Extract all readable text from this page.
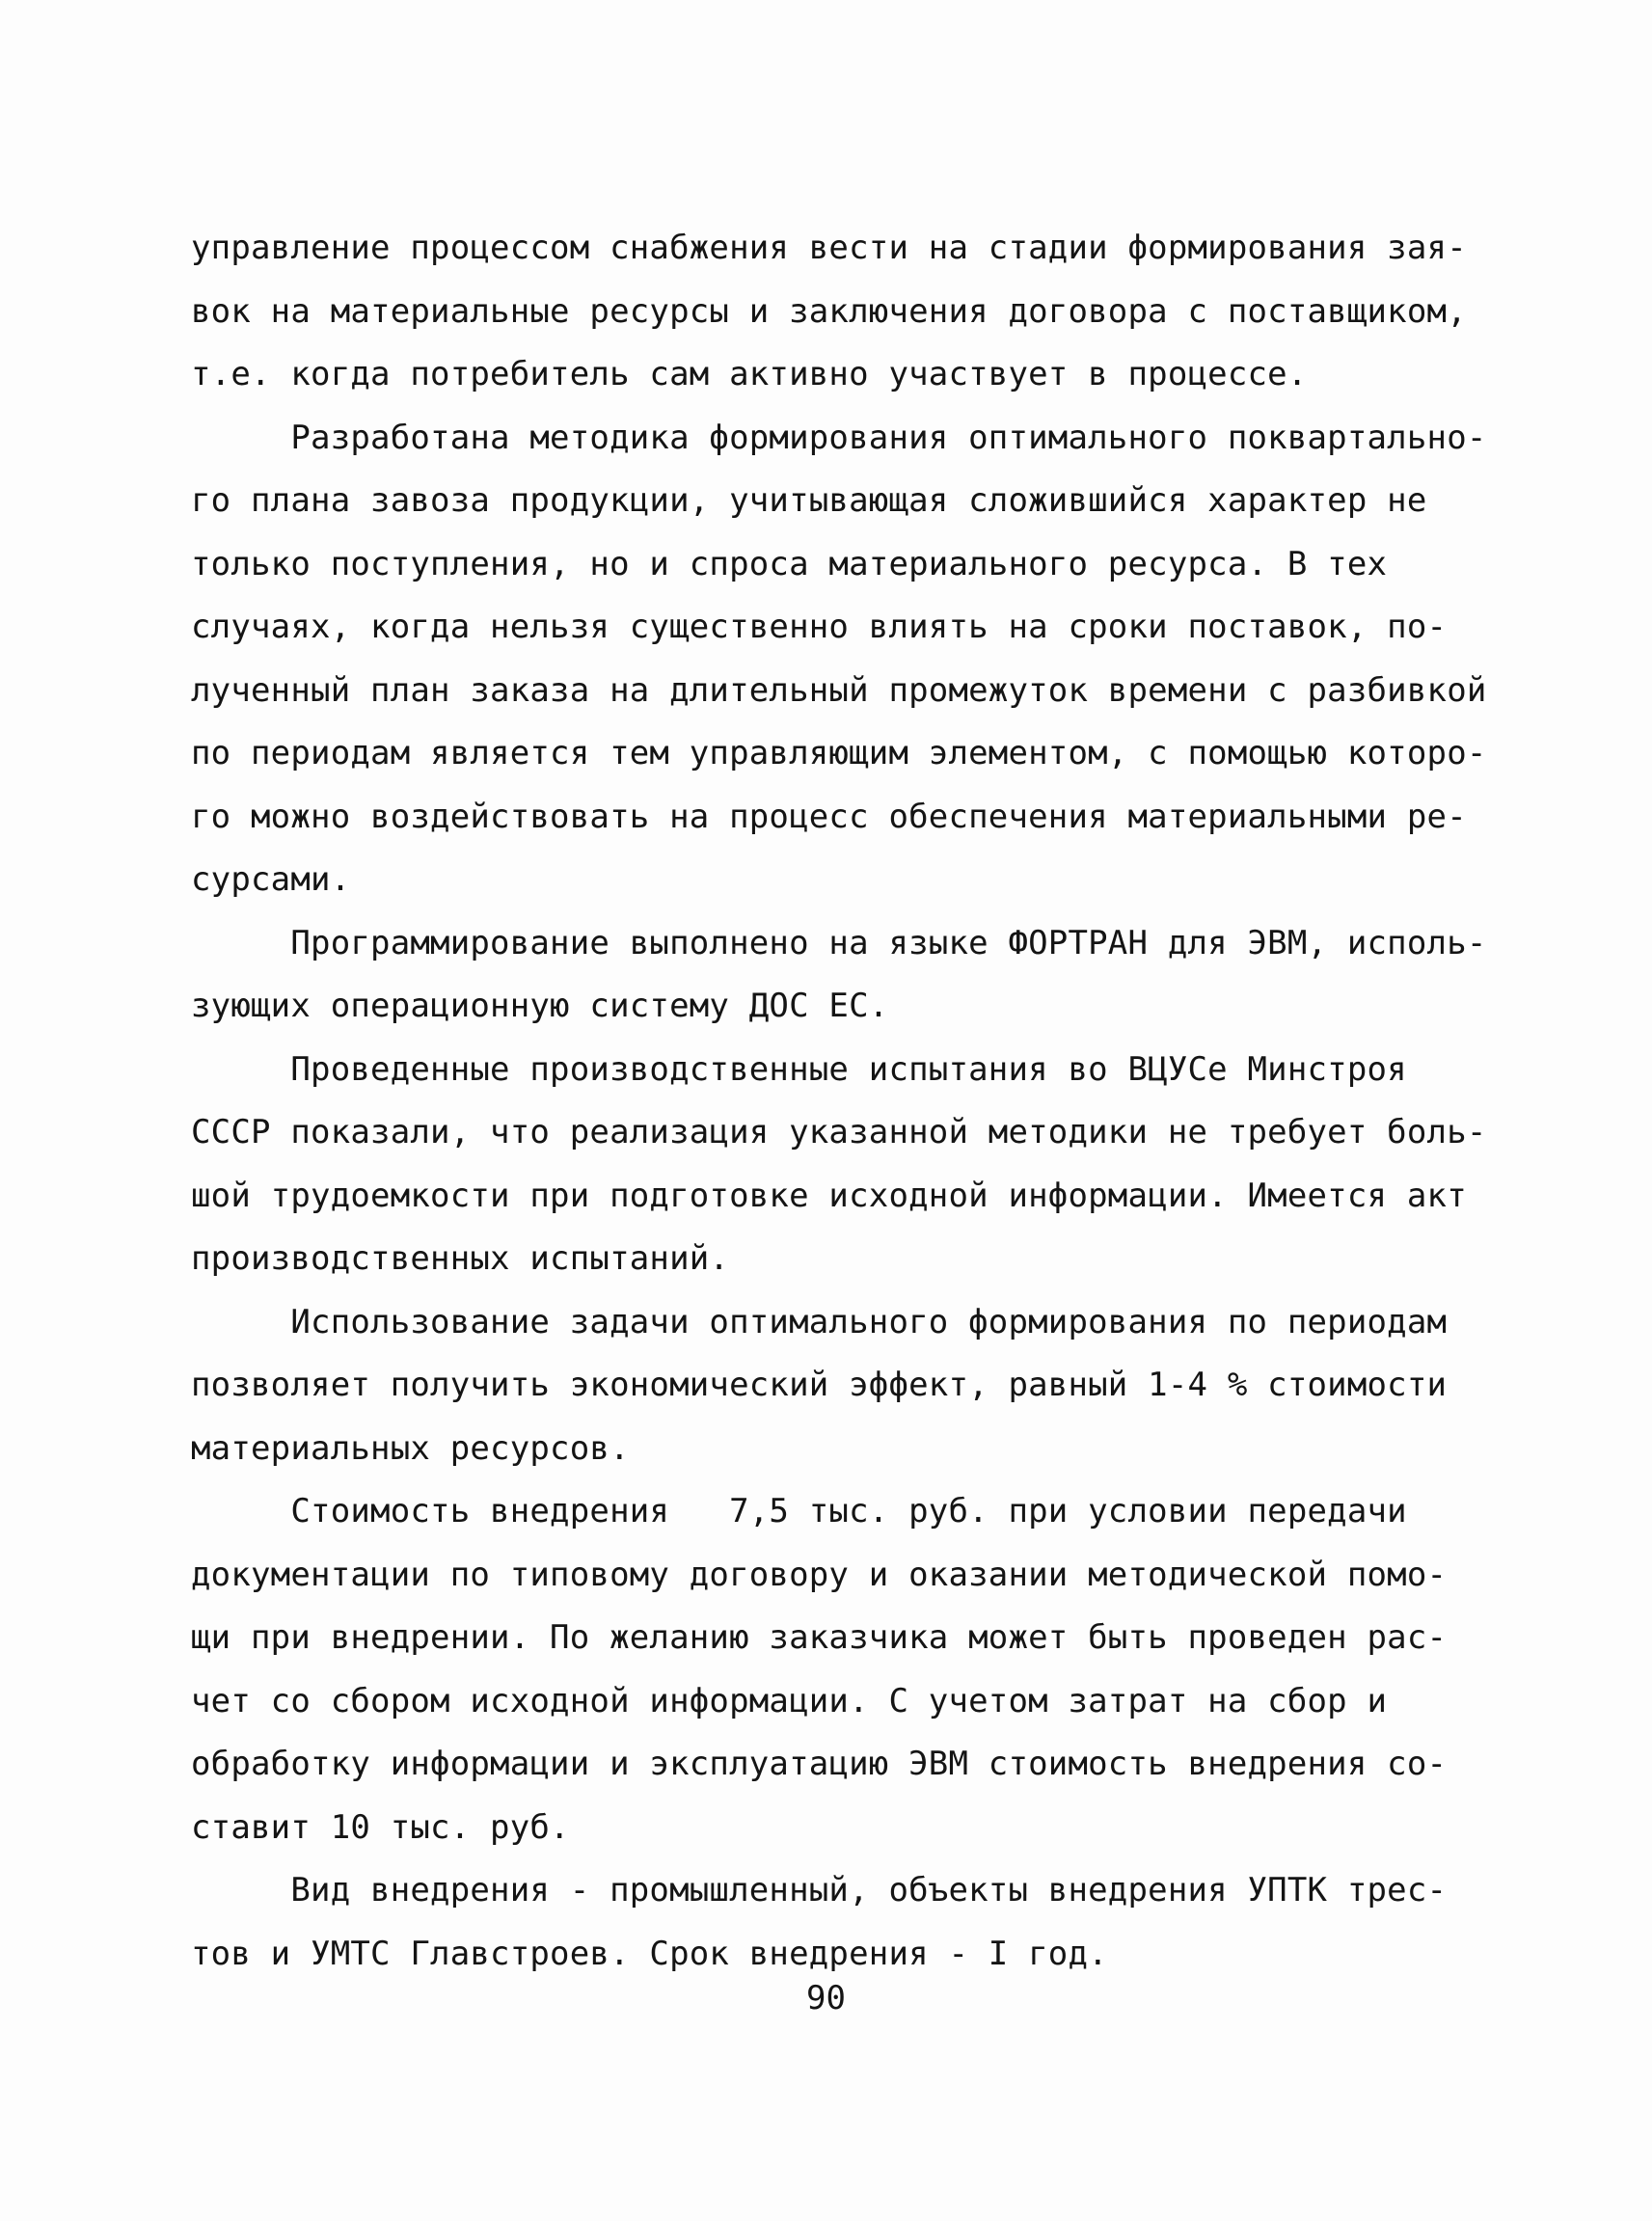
управление процессом снабжения вести на стадии формирования зая-
вок на материальные ресурсы и заключения договора с поставщиком,
т.е. когда потребитель сам активно участвует в процессе.
Разработана методика формирования оптимального поквартально-
го плана завоза продукции, учитывающая сложившийся характер не
только поступления, но и спроса материального ресурса. В тех
случаях, когда нельзя существенно влиять на сроки поставок, по-
лученный план заказа на длительный промежуток времени с разбивкой
по периодам является тем управляющим элементом, с помощью которо-
го можно воздействовать на процесс обеспечения материальными ре-
сурсами.
Программирование выполнено на языке ФОРТРАН для ЭВМ, исполь-
зующих операционную систему ДОС ЕС.
Проведенные производственные испытания во ВЦУСе Минстроя
СССР показали, что реализация указанной методики не требует боль-
шой трудоемкости при подготовке исходной информации. Имеется акт
производственных испытаний.
Использование задачи оптимального формирования по периодам
позволяет получить экономический эффект, равный 1-4 % стоимости
материальных ресурсов.
Стоимость внедрения   7,5 тыс. руб. при условии передачи
документации по типовому договору и оказании методической помо-
щи при внедрении. По желанию заказчика может быть проведен рас-
чет со сбором исходной информации. С учетом затрат на сбор и
обработку информации и эксплуатацию ЭВМ стоимость внедрения со-
ставит 10 тыс. руб.
Вид внедрения - промышленный, объекты внедрения УПТК трес-
тов и УМТС Главстроев. Срок внедрения - I год.
90
